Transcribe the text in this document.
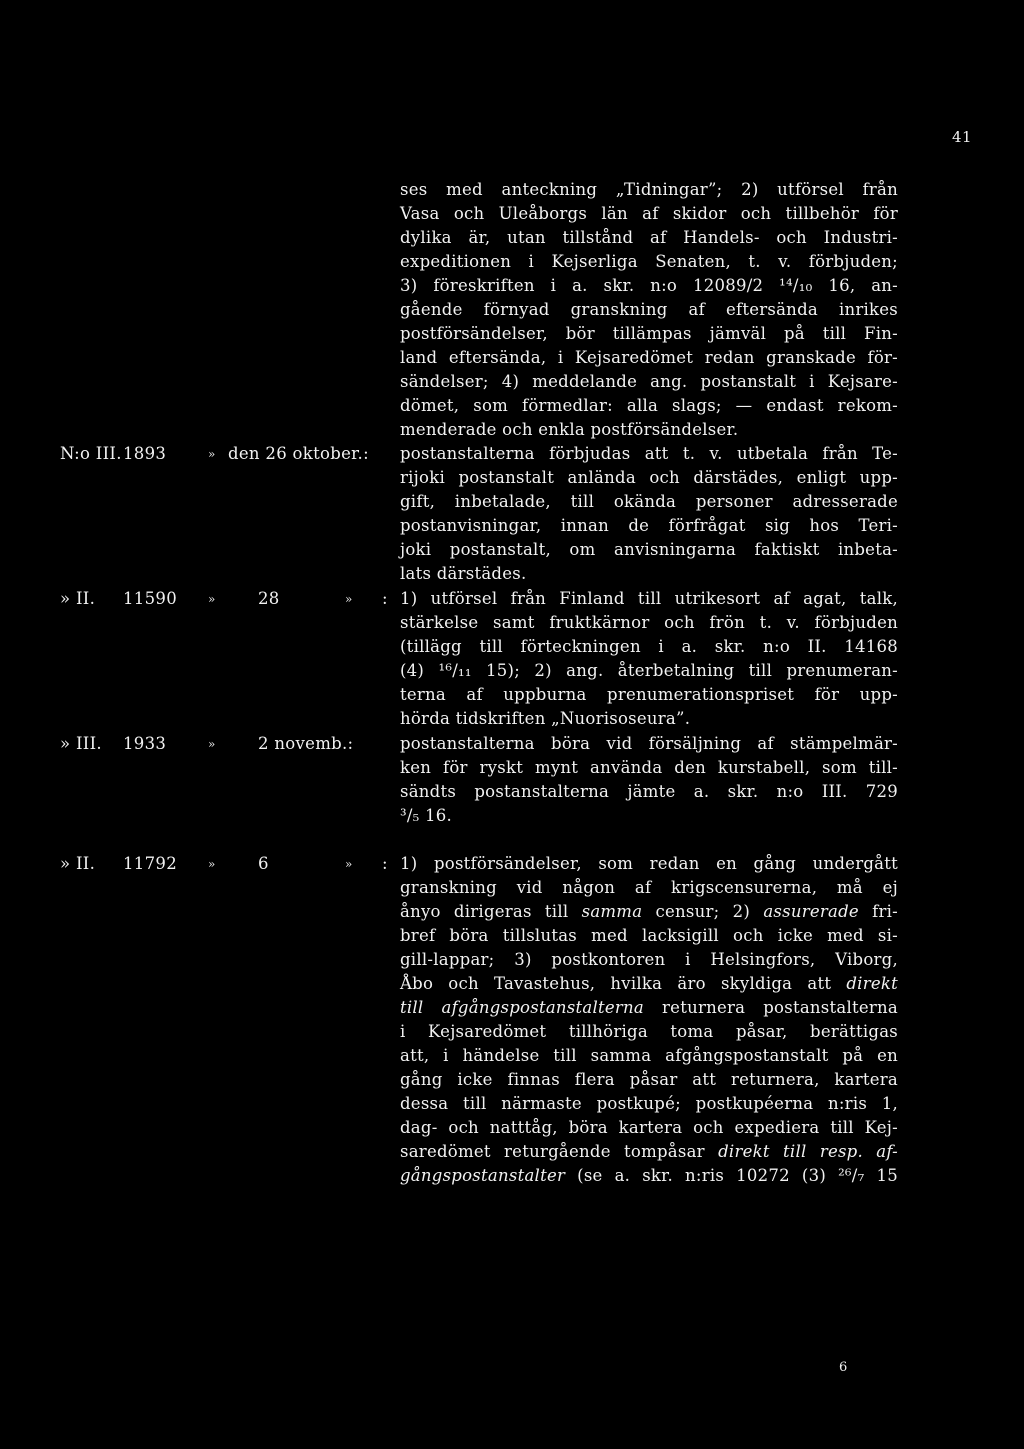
41
ses med anteckning „Tidningar”; 2) utförsel från
Vasa och Uleåborgs län af skidor och tillbehör för
dylika är, utan tillstånd af Handels- och Industri-
expeditionen i Kejserliga Senaten, t. v. förbjuden;
3) föreskriften i a. skr. n:o 12089/2 ¹⁴/₁₀ 16, an-
gående förnyad granskning af eftersända inrikes
postförsändelser, bör tillämpas jämväl på till Fin-
land eftersända, i Kejsaredömet redan granskade för-
sändelser; 4) meddelande ang. postanstalt i Kejsare-
dömet, som förmedlar: alla slags; — endast rekom-
menderade och enkla postförsändelser.
N:o III. 1893	» den 26 oktober.: postanstalterna förbjudas att t. v. utbetala från Te-
rijoki postanstalt anlända och därstädes, enligt upp-
gift, inbetalade, till okända personer adresserade
postanvisningar, innan de förfrågat sig hos Teri-
joki postanstalt, om anvisningarna faktiskt inbeta-
lats därstädes.
» II. 11590	»	28	» : 1) utförsel från Finland till utrikesort af agat, talk,
stärkelse samt fruktkärnor och frön t. v. förbjuden
(tillägg till förteckningen i a. skr. n:o II. 14168
(4) ¹⁶/₁₁ 15); 2) ang. återbetalning till prenumeran-
terna af uppburna prenumerationspriset för upp-
hörda tidskriften „Nuorisoseura”.
» III. 1933	»	2 novemb.:	postanstalterna böra vid försäljning af stämpelmär-
ken för ryskt mynt använda den kurstabell, som till-
sändts postanstalterna jämte a. skr. n:o III. 729
³/₅ 16.
» II. 11792	»	6	» : 1) postförsändelser, som redan en gång undergått
granskning vid någon af krigscensurerna, må ej
ånyo dirigeras till samma censur; 2) assurerade fri-
bref böra tillslutas med lacksigill och icke med si-
gill-lappar; 3) postkontoren i Helsingfors, Viborg,
Åbo och Tavastehus, hvilka äro skyldiga att direkt
till afgångspostanstalterna returnera postanstalterna
i Kejsaredömet tillhöriga toma påsar, berättigas
att, i händelse till samma afgångspostanstalt på en
gång icke finnas flera påsar att returnera, kartera
dessa till närmaste postkupé; postkupéerna n:ris 1,
dag- och natttåg, böra kartera och expediera till Kej-
saredömet returgående tompåsar direkt till resp. af-
gångspostanstalter (se a. skr. n:ris 10272 (3) ²⁶/₇ 15
6
